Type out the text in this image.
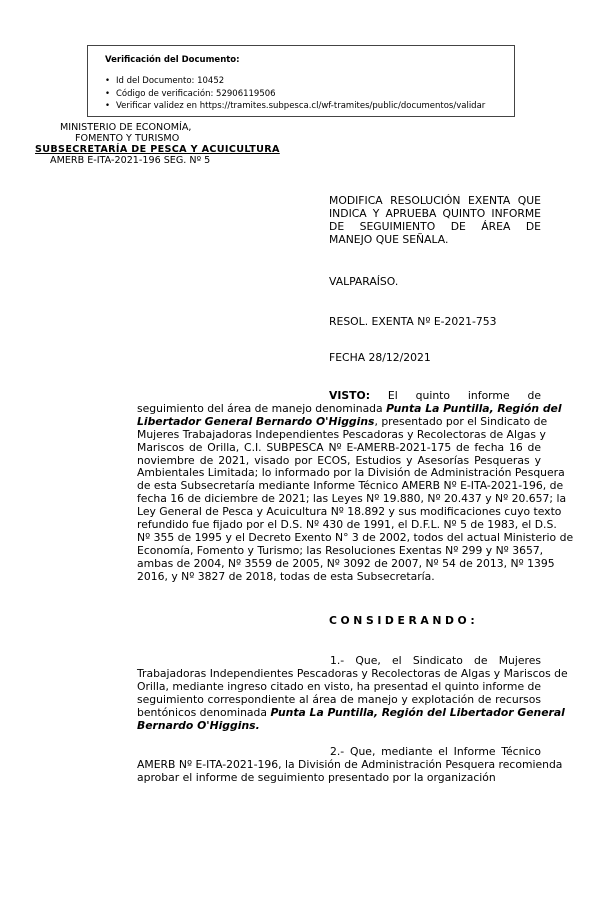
Verificación del Documento:
• Id del Documento: 10452
• Código de verificación: 52906119506
• Verificar validez en https://tramites.subpesca.cl/wf-tramites/public/documentos/validar
MINISTERIO DE ECONOMÍA,
FOMENTO Y TURISMO
SUBSECRETARÍA DE PESCA Y ACUICULTURA
AMERB E-ITA-2021-196 SEG. Nº 5
MODIFICA RESOLUCIÓN EXENTA QUE
INDICA Y APRUEBA QUINTO INFORME
DE SEGUIMIENTO DE ÁREA DE
MANEJO QUE SEÑALA.
VALPARAÍSO.
RESOL. EXENTA Nº E-2021-753
FECHA 28/12/2021
VISTO: El quinto informe de
seguimiento del área de manejo denominada Punta La Puntilla, Región del
Libertador General Bernardo O'Higgins, presentado por el Sindicato de
Mujeres Trabajadoras Independientes Pescadoras y Recolectoras de Algas y
Mariscos de Orilla, C.I. SUBPESCA Nº E-AMERB-2021-175 de fecha 16 de
noviembre de 2021, visado por ECOS, Estudios y Asesorías Pesqueras y
Ambientales Limitada; lo informado por la División de Administración Pesquera
de esta Subsecretaría mediante Informe Técnico AMERB Nº E-ITA-2021-196, de
fecha 16 de diciembre de 2021; las Leyes Nº 19.880, Nº 20.437 y Nº 20.657; la
Ley General de Pesca y Acuicultura Nº 18.892 y sus modificaciones cuyo texto
refundido fue fijado por el D.S. Nº 430 de 1991, el D.F.L. Nº 5 de 1983, el D.S.
Nº 355 de 1995 y el Decreto Exento N° 3 de 2002, todos del actual Ministerio de
Economía, Fomento y Turismo; las Resoluciones Exentas Nº 299 y Nº 3657,
ambas de 2004, Nº 3559 de 2005, Nº 3092 de 2007, Nº 54 de 2013, Nº 1395
2016, y Nº 3827 de 2018, todas de esta Subsecretaría.
CONSIDERANDO:
1.- Que, el Sindicato de Mujeres
Trabajadoras Independientes Pescadoras y Recolectoras de Algas y Mariscos de
Orilla, mediante ingreso citado en visto, ha presentad el quinto informe de
seguimiento correspondiente al área de manejo y explotación de recursos
bentónicos denominada Punta La Puntilla, Región del Libertador General
Bernardo O'Higgins.
2.- Que, mediante el Informe Técnico
AMERB Nº E-ITA-2021-196, la División de Administración Pesquera recomienda
aprobar el informe de seguimiento presentado por la organización
